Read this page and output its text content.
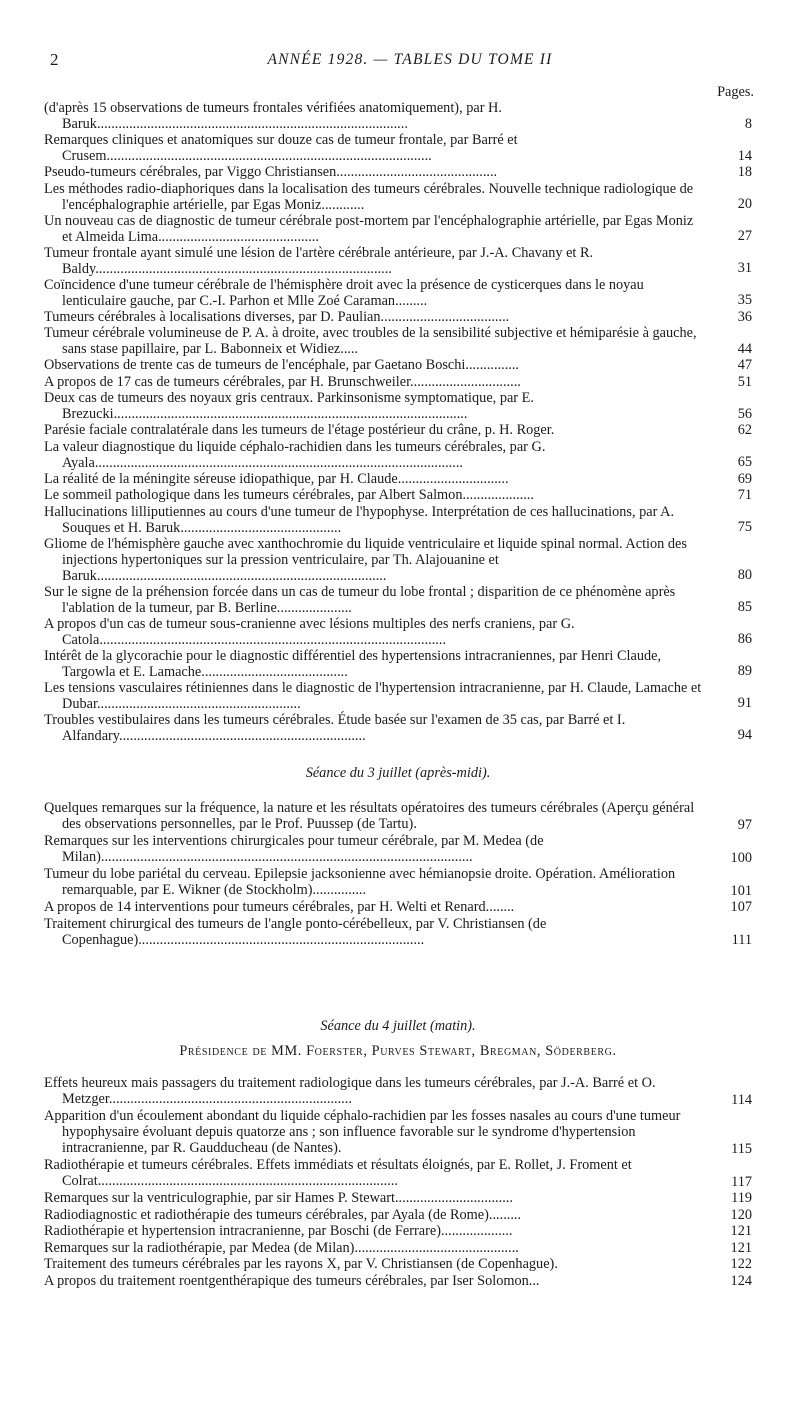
2	ANNÉE 1928. — TABLES DU TOME II
Pages.
(d'après 15 observations de tumeurs frontales vérifiées anatomiquement), par H. Baruk.......................................................................................	8
Remarques cliniques et anatomiques sur douze cas de tumeur frontale, par Barré et Crusem...........................................................................................	14
Pseudo-tumeurs cérébrales, par Viggo Christiansen.............................................	18
Les méthodes radio-diaphoriques dans la localisation des tumeurs cérébrales. Nouvelle technique radiologique de l'encéphalographie artérielle, par Egas Moniz............	20
Un nouveau cas de diagnostic de tumeur cérébrale post-mortem par l'encéphalographie artérielle, par Egas Moniz et Almeida Lima.............................................	27
Tumeur frontale ayant simulé une lésion de l'artère cérébrale antérieure, par J.-A. Chavany et R. Baldy...................................................................................	31
Coïncidence d'une tumeur cérébrale de l'hémisphère droit avec la présence de cysticerques dans le noyau lenticulaire gauche, par C.-I. Parhon et Mlle Zoé Caraman.........	35
Tumeurs cérébrales à localisations diverses, par D. Paulian....................................	36
Tumeur cérébrale volumineuse de P. A. à droite, avec troubles de la sensibilité subjective et hémiparésie à gauche, sans stase papillaire, par L. Babonneix et Widiez.....	44
Observations de trente cas de tumeurs de l'encéphale, par Gaetano Boschi...............	47
A propos de 17 cas de tumeurs cérébrales, par H. Brunschweiler...............................	51
Deux cas de tumeurs des noyaux gris centraux. Parkinsonisme symptomatique, par E. Brezucki...................................................................................................	56
Parésie faciale contralatérale dans les tumeurs de l'étage postérieur du crâne, p. H. Roger.	62
La valeur diagnostique du liquide céphalo-rachidien dans les tumeurs cérébrales, par G. Ayala.......................................................................................................	65
La réalité de la méningite séreuse idiopathique, par H. Claude...............................	69
Le sommeil pathologique dans les tumeurs cérébrales, par Albert Salmon....................	71
Hallucinations lilliputiennes au cours d'une tumeur de l'hypophyse. Interprétation de ces hallucinations, par A. Souques et H. Baruk.............................................	75
Gliome de l'hémisphère gauche avec xanthochromie du liquide ventriculaire et liquide spinal normal. Action des injections hypertoniques sur la pression ventriculaire, par Th. Alajouanine et Baruk.................................................................................	80
Sur le signe de la préhension forcée dans un cas de tumeur du lobe frontal ; disparition de ce phénomène après l'ablation de la tumeur, par B. Berline.....................	85
A propos d'un cas de tumeur sous-cranienne avec lésions multiples des nerfs craniens, par G. Catola.................................................................................................	86
Intérêt de la glycorachie pour le diagnostic différentiel des hypertensions intracraniennes, par Henri Claude, Targowla et E. Lamache.........................................	89
Les tensions vasculaires rétiniennes dans le diagnostic de l'hypertension intracranienne, par H. Claude, Lamache et Dubar.........................................................	91
Troubles vestibulaires dans les tumeurs cérébrales. Étude basée sur l'examen de 35 cas, par Barré et I. Alfandary.....................................................................	94
Séance du 3 juillet (après-midi).
Quelques remarques sur la fréquence, la nature et les résultats opératoires des tumeurs cérébrales (Aperçu général des observations personnelles, par le Prof. Puussep (de Tartu).	97
Remarques sur les interventions chirurgicales pour tumeur cérébrale, par M. Medea (de Milan)........................................................................................................	100
Tumeur du lobe pariétal du cerveau. Epilepsie jacksonienne avec hémianopsie droite. Opération. Amélioration remarquable, par E. Wikner (de Stockholm)...............	101
A propos de 14 interventions pour tumeurs cérébrales, par H. Welti et Renard........	107
Traitement chirurgical des tumeurs de l'angle ponto-cérébelleux, par V. Christiansen (de Copenhague)................................................................................	111
Séance du 4 juillet (matin).
Présidence de MM. Foerster, Purves Stewart, Bregman, Söderberg.
Effets heureux mais passagers du traitement radiologique dans les tumeurs cérébrales, par J.-A. Barré et O. Metzger....................................................................	114
Apparition d'un écoulement abondant du liquide céphalo-rachidien par les fosses nasales au cours d'une tumeur hypophysaire évoluant depuis quatorze ans ; son influence favorable sur le syndrome d'hypertension intracranienne, par R. Gaudducheau (de Nantes).	115
Radiothérapie et tumeurs cérébrales. Effets immédiats et résultats éloignés, par E. Rollet, J. Froment et Colrat....................................................................................	117
Remarques sur la ventriculographie, par sir Hames P. Stewart.................................	119
Radiodiagnostic et radiothérapie des tumeurs cérébrales, par Ayala (de Rome).........	120
Radiothérapie et hypertension intracranienne, par Boschi (de Ferrare)....................	121
Remarques sur la radiothérapie, par Medea (de Milan)..............................................	121
Traitement des tumeurs cérébrales par les rayons X, par V. Christiansen (de Copenhague).	122
A propos du traitement roentgenthérapique des tumeurs cérébrales, par Iser Solomon...	124
